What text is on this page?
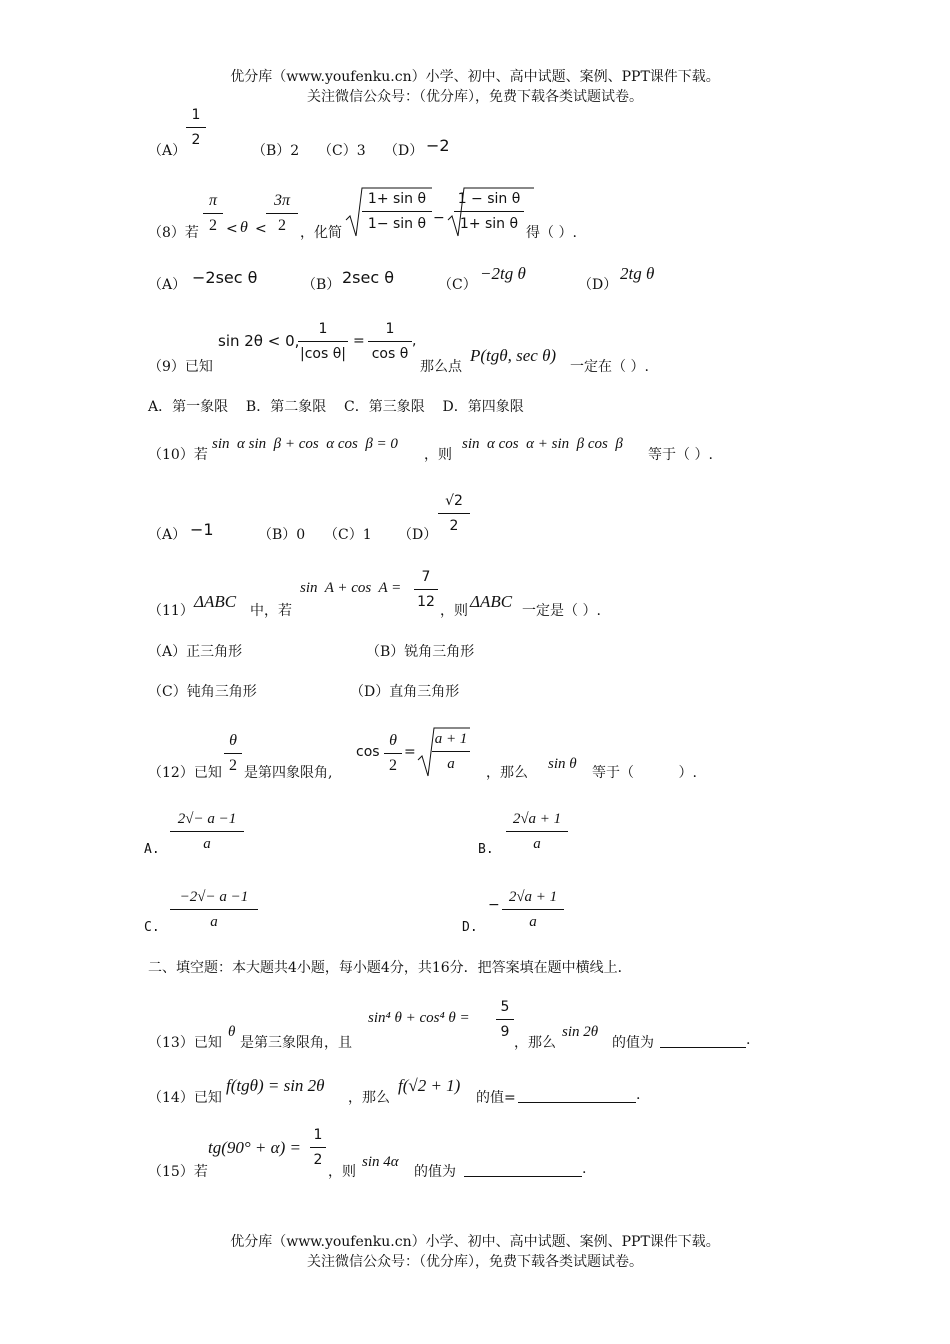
优分库（www.youfenku.cn）小学、初中、高中试题、案例、PPT课件下载。
关注微信公众号：（优分库），免费下载各类试题试卷。
（A）
1
2
（B）2 （C）3 （D） −2
（8）若
π
2 < θ <
3π
2	，化简
1+ sin θ
1− sin θ −
1 − sin θ
1+ sin θ
得（ ）.
（A） −2sec θ	（B） 2sec θ	（C）
−2tg θ
（D）
2tg θ
（9）已知
sin 2θ < 0,
1
|cos θ|
=
1
cos θ
,
那么点
P(tgθ, sec θ)
一定在（ ）.
A．第一象限    B．第二象限    C．第三象限    D．第四象限
（10）若
sin  α sin  β + cos  α cos  β = 0
，则
sin  α cos  α + sin  β cos  β
等于（ ）.
（A） −1	（B）0 （C）1 （D）
√2
2
（11） ΔABC 中，若
sin  A + cos  A =
7
12
，则 ΔABC 一定是（ ）.
（A）正三角形	（B）锐角三角形
（C）钝角三角形	（D）直角三角形
（12）已知
θ
2 是第四象限角,
cos
θ
2
=
a + 1
a
，那么
sin θ
等于（          ）.
A.
2√− a −1
a	B.
2√a + 1
a
C.
−2√− a −1
a	D.
− 2√a + 1
a
二、填空题：本大题共4小题，每小题4分，共16分．把答案填在题中横线上．
（13）已知
θ
是第三象限角，且
sin⁴ θ + cos⁴ θ =
5
9
，那么
sin 2θ
的值为	.
（14）已知
f(tgθ) = sin 2θ
，那么
f(√2 + 1)
的值=	.
（15）若
tg(90° + α) =
1
2
，则
sin 4α
的值为	.
优分库（www.youfenku.cn）小学、初中、高中试题、案例、PPT课件下载。
关注微信公众号：（优分库），免费下载各类试题试卷。
